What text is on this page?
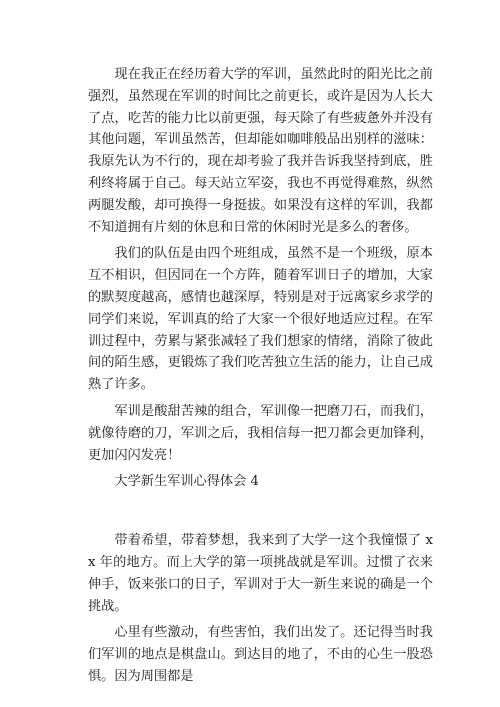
现在我正在经历着大学的军训，虽然此时的阳光比之前强烈，虽然现在军训的时间比之前更长，或许是因为人长大了点，吃苦的能力比以前更强，每天除了有些疲惫外并没有其他问题，军训虽然苦，但却能如咖啡般品出别样的滋味：我原先认为不行的，现在却考验了我并告诉我坚持到底，胜利终将属于自己。每天站立军姿，我也不再觉得难熬，纵然两腿发酸，却可换得一身挺拔。如果没有这样的军训，我都不知道拥有片刻的休息和日常的休闲时光是多么的奢侈。

我们的队伍是由四个班组成，虽然不是一个班级，原本互不相识，但因同在一个方阵，随着军训日子的增加，大家的默契度越高，感情也越深厚，特别是对于远离家乡求学的同学们来说，军训真的给了大家一个很好地适应过程。在军训过程中，劳累与紧张减轻了我们想家的情绪，消除了彼此间的陌生感，更锻炼了我们吃苦独立生活的能力，让自己成熟了许多。

军训是酸甜苦辣的组合，军训像一把磨刀石，而我们，就像待磨的刀，军训之后，我相信每一把刀都会更加锋利，更加闪闪发亮！

大学新生军训心得体会 4

带着希望，带着梦想，我来到了大学一这个我憧憬了 xx 年的地方。而上大学的第一项挑战就是军训。过惯了衣来伸手，饭来张口的日子，军训对于大一新生来说的确是一个挑战。

心里有些激动，有些害怕，我们出发了。还记得当时我们军训的地点是棋盘山。到达目的地了，不由的心生一股恐惧。因为周围都是
